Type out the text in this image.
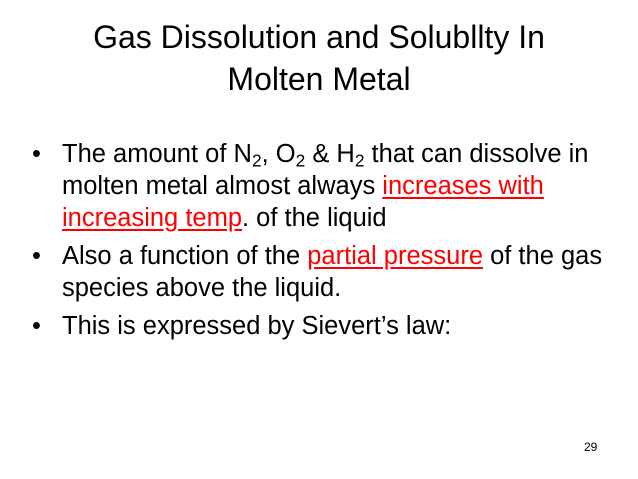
Gas Dissolution and Solubllty In
Molten Metal
• The amount of $N_2$, $O_2$ & $H_2$ that can dissolve in molten metal almost always increases with increasing temp. of the liquid
• Also a function of the partial pressure of the gas species above the liquid.
• This is expressed by Sievert’s law:
29
